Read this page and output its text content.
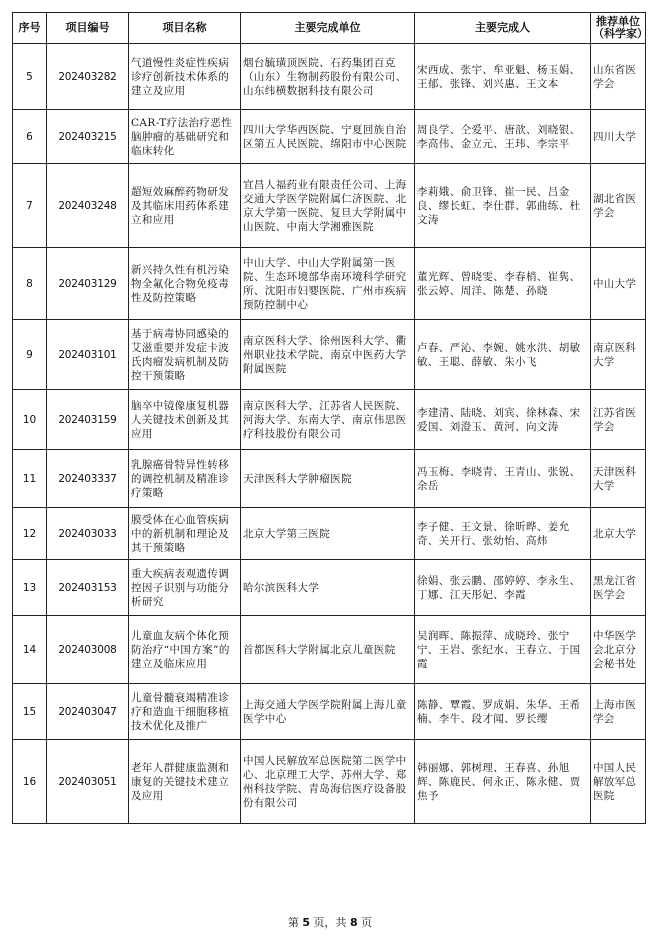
序号	项目编号	项目名称	主要完成单位	主要完成人	推荐单位
（科学家）
5	202403282	气道慢性炎症性疾病诊疗创新技术体系的建立及应用	烟台毓璜顶医院、石药集团百克（山东）生物制药股份有限公司、山东纬横数据科技有限公司	宋西成、张宇、牟亚魁、杨玉娟、王郁、张锋、刘兴惠、王文本	山东省医学会
6	202403215	CAR-T疗法治疗恶性脑肿瘤的基础研究和临床转化	四川大学华西医院、宁夏回族自治区第五人民医院、绵阳市中心医院	周良学、仝爱平、唐歆、刘晓银、李高伟、金立元、王玮、李宗平	四川大学
7	202403248	超短效麻醉药物研发及其临床用药体系建立和应用	宜昌人福药业有限责任公司、上海交通大学医学院附属仁济医院、北京大学第一医院、复旦大学附属中山医院、中南大学湘雅医院	李莉娥、俞卫锋、崔一民、吕金良、缪长虹、李仕群、郭曲练、杜文涛	湖北省医学会
8	202403129	新兴持久性有机污染物全氟化合物免疫毒性及防控策略	中山大学、中山大学附属第一医院、生态环境部华南环境科学研究所、沈阳市妇婴医院、广州市疾病预防控制中心	董光辉、曾晓雯、李春梢、崔隽、张云婷、周洋、陈楚、孙晓	中山大学
9	202403101	基于病毒协同感染的艾滋重要并发症卡波氏肉瘤发病机制及防控干预策略	南京医科大学、徐州医科大学、衢州职业技术学院、南京中医药大学附属医院	卢春、严沁、李婉、姚水洪、胡敏敏、王聪、薛敏、朱小飞	南京医科大学
10	202403159	脑卒中镜像康复机器人关键技术创新及其应用	南京医科大学、江苏省人民医院、河海大学、东南大学、南京伟思医疗科技股份有限公司	李建清、陆晓、刘宾、徐林森、宋爱国、刘澄玉、黄河、向文涛	江苏省医学会
11	202403337	乳腺癌骨特异性转移的调控机制及精准诊疗策略	天津医科大学肿瘤医院	冯玉梅、李晓青、王青山、张锐、余岳	天津医科大学
12	202403033	膜受体在心血管疾病中的新机制和理论及其干预策略	北京大学第三医院	李子健、王文景、徐昕晔、姜允奇、关开行、张幼怡、高炜	北京大学
13	202403153	重大疾病表观遗传调控因子识别与功能分析研究	哈尔滨医科大学	徐娟、张云鹏、邵婷婷、李永生、丁娜、江天彤妃、李霞	黑龙江省医学会
14	202403008	儿童血友病个体化预防治疗“中国方案”的建立及临床应用	首都医科大学附属北京儿童医院	吴润晖、陈振萍、成晓玲、张宁宁、王岩、张纪水、王春立、于国霞	中华医学会北京分会秘书处
15	202403047	儿童骨髓衰竭精准诊疗和造血干细胞移植技术优化及推广	上海交通大学医学院附属上海儿童医学中心	陈静、覃霞、罗成娟、朱华、王希楠、李牛、段才闻、罗长缨	上海市医学会
16	202403051	老年人群健康监测和康复的关键技术建立及应用	中国人民解放军总医院第二医学中心、北京理工大学、苏州大学、郑州科技学院、青岛海信医疗设备股份有限公司	韩丽娜、郭树理、王春喜、孙旭辉、陈鹿民、何永正、陈永健、贾焦予	中国人民解放军总医院
第 5 页，共 8 页
